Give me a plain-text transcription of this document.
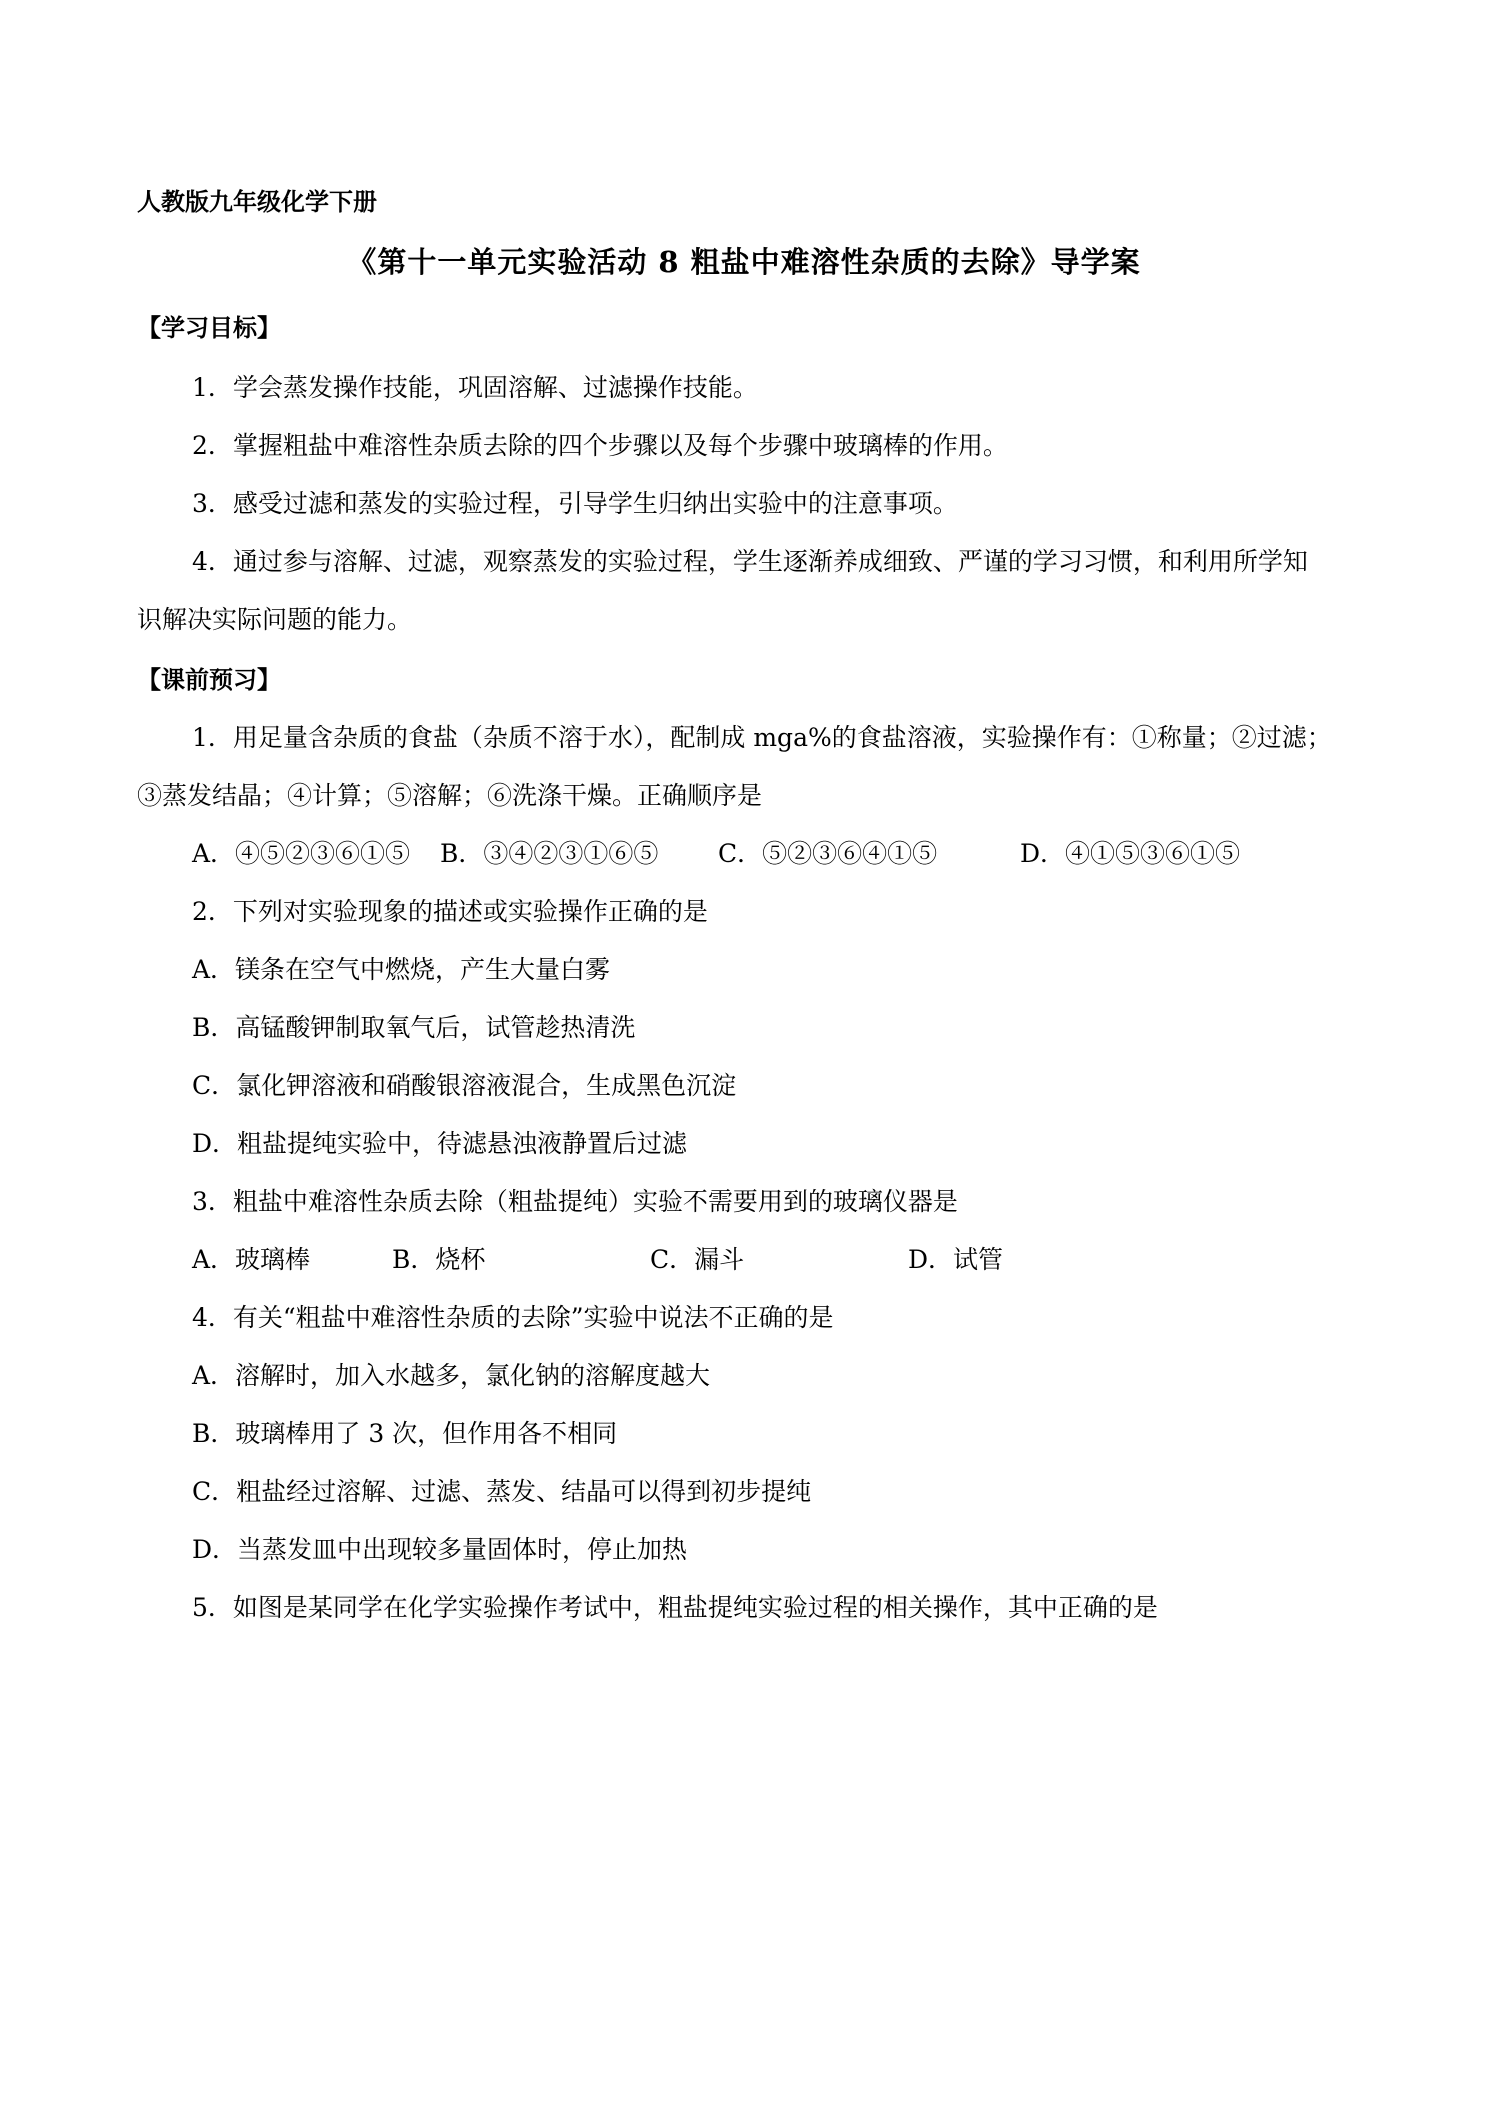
人教版九年级化学下册
《第十一单元实验活动 8 粗盐中难溶性杂质的去除》导学案
【学习目标】
1．学会蒸发操作技能，巩固溶解、过滤操作技能。
2．掌握粗盐中难溶性杂质去除的四个步骤以及每个步骤中玻璃棒的作用。
3．感受过滤和蒸发的实验过程，引导学生归纳出实验中的注意事项。
4．通过参与溶解、过滤，观察蒸发的实验过程，学生逐渐养成细致、严谨的学习习惯，和利用所学知
识解决实际问题的能力。
【课前预习】
1．用足量含杂质的食盐（杂质不溶于水），配制成 mga%的食盐溶液，实验操作有：①称量；②过滤；
③蒸发结晶；④计算；⑤溶解；⑥洗涤干燥。正确顺序是
A．④⑤②③⑥①⑤ B．③④②③①⑥⑤ C．⑤②③⑥④①⑤	D．④①⑤③⑥①⑤
2．下列对实验现象的描述或实验操作正确的是
A．镁条在空气中燃烧，产生大量白雾
B．高锰酸钾制取氧气后，试管趁热清洗
C．氯化钾溶液和硝酸银溶液混合，生成黑色沉淀
D．粗盐提纯实验中，待滤悬浊液静置后过滤
3．粗盐中难溶性杂质去除（粗盐提纯）实验不需要用到的玻璃仪器是
A．玻璃棒	B．烧杯	C．漏斗	D．试管
4．有关“粗盐中难溶性杂质的去除”实验中说法不正确的是
A．溶解时，加入水越多，氯化钠的溶解度越大
B．玻璃棒用了 3 次，但作用各不相同
C．粗盐经过溶解、过滤、蒸发、结晶可以得到初步提纯
D．当蒸发皿中出现较多量固体时，停止加热
5．如图是某同学在化学实验操作考试中，粗盐提纯实验过程的相关操作，其中正确的是
